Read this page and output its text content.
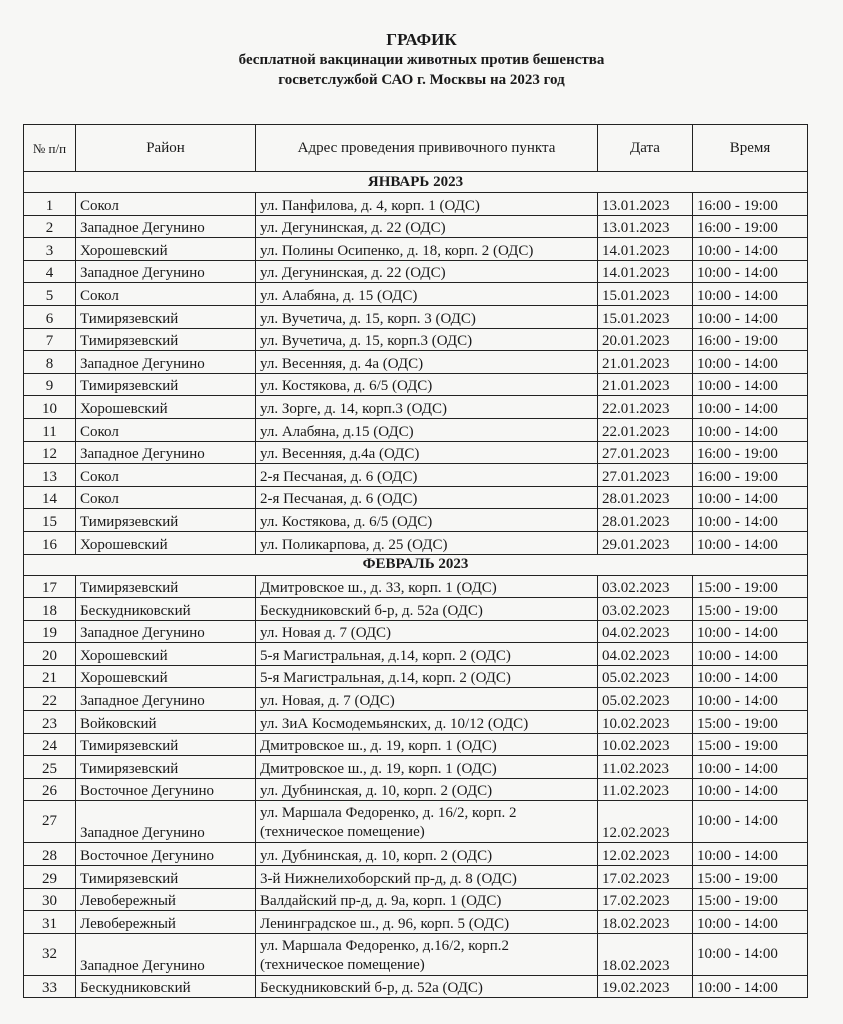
ГРАФИК
бесплатной вакцинации животных против бешенства
госветслужбой САО г. Москвы на 2023 год
№ п/п	Район	Адрес проведения прививочного пункта	Дата	Время
ЯНВАРЬ 2023				
1	Сокол	ул. Панфилова, д. 4, корп. 1 (ОДС)	13.01.2023	16:00 - 19:00
2	Западное Дегунино	ул. Дегунинская, д. 22 (ОДС)	13.01.2023	16:00 - 19:00
3	Хорошевский	ул. Полины Осипенко, д. 18, корп. 2 (ОДС)	14.01.2023	10:00 - 14:00
4	Западное Дегунино	ул. Дегунинская, д. 22 (ОДС)	14.01.2023	10:00 - 14:00
5	Сокол	ул. Алабяна, д. 15 (ОДС)	15.01.2023	10:00 - 14:00
6	Тимирязевский	ул. Вучетича, д. 15, корп. 3 (ОДС)	15.01.2023	10:00 - 14:00
7	Тимирязевский	ул. Вучетича, д. 15, корп.3 (ОДС)	20.01.2023	16:00 - 19:00
8	Западное Дегунино	ул. Весенняя, д. 4а (ОДС)	21.01.2023	10:00 - 14:00
9	Тимирязевский	ул. Костякова, д. 6/5 (ОДС)	21.01.2023	10:00 - 14:00
10	Хорошевский	ул. Зорге, д. 14, корп.3 (ОДС)	22.01.2023	10:00 - 14:00
11	Сокол	ул. Алабяна, д.15 (ОДС)	22.01.2023	10:00 - 14:00
12	Западное Дегунино	ул. Весенняя, д.4а (ОДС)	27.01.2023	16:00 - 19:00
13	Сокол	2-я Песчаная, д. 6 (ОДС)	27.01.2023	16:00 - 19:00
14	Сокол	2-я Песчаная, д. 6 (ОДС)	28.01.2023	10:00 - 14:00
15	Тимирязевский	ул. Костякова, д. 6/5 (ОДС)	28.01.2023	10:00 - 14:00
16	Хорошевский	ул. Поликарпова, д. 25 (ОДС)	29.01.2023	10:00 - 14:00
ФЕВРАЛЬ 2023				
17	Тимирязевский	Дмитровское ш., д. 33, корп. 1 (ОДС)	03.02.2023	15:00 - 19:00
18	Бескудниковский	Бескудниковский б-р, д. 52а (ОДС)	03.02.2023	15:00 - 19:00
19	Западное Дегунино	ул. Новая д. 7 (ОДС)	04.02.2023	10:00 - 14:00
20	Хорошевский	5-я Магистральная, д.14, корп. 2 (ОДС)	04.02.2023	10:00 - 14:00
21	Хорошевский	5-я Магистральная, д.14, корп. 2 (ОДС)	05.02.2023	10:00 - 14:00
22	Западное Дегунино	ул. Новая, д. 7 (ОДС)	05.02.2023	10:00 - 14:00
23	Войковский	ул. ЗиА Космодемьянских, д. 10/12 (ОДС)	10.02.2023	15:00 - 19:00
24	Тимирязевский	Дмитровское ш., д. 19, корп. 1 (ОДС)	10.02.2023	15:00 - 19:00
25	Тимирязевский	Дмитровское ш., д. 19, корп. 1 (ОДС)	11.02.2023	10:00 - 14:00
26	Восточное Дегунино	ул. Дубнинская, д. 10, корп. 2 (ОДС)	11.02.2023	10:00 - 14:00
27	Западное Дегунино	ул. Маршала Федоренко, д. 16/2, корп. 2 (техническое помещение)	12.02.2023	10:00 - 14:00
28	Восточное Дегунино	ул. Дубнинская, д. 10, корп. 2 (ОДС)	12.02.2023	10:00 - 14:00
29	Тимирязевский	3-й Нижнелихоборский пр-д, д. 8 (ОДС)	17.02.2023	15:00 - 19:00
30	Левобережный	Валдайский пр-д, д. 9а, корп. 1 (ОДС)	17.02.2023	15:00 - 19:00
31	Левобережный	Ленинградское ш., д. 96, корп. 5 (ОДС)	18.02.2023	10:00 - 14:00
32	Западное Дегунино	ул. Маршала Федоренко, д.16/2, корп.2 (техническое помещение)	18.02.2023	10:00 - 14:00
33	Бескудниковский	Бескудниковский б-р, д. 52а (ОДС)	19.02.2023	10:00 - 14:00
